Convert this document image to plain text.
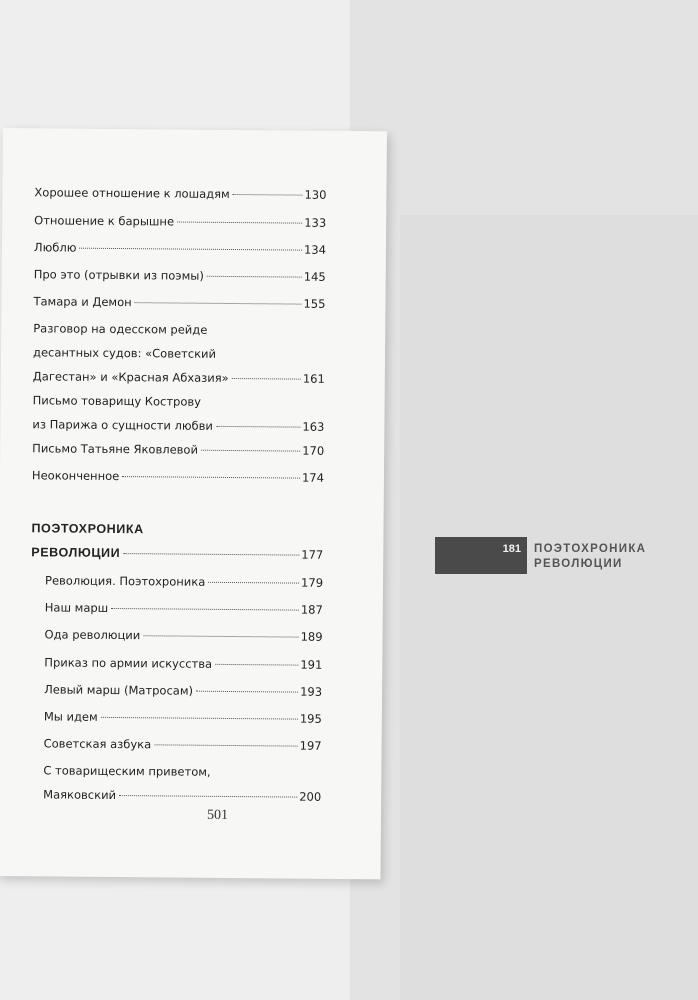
181 ПОЭТОХРОНИКА
РЕВОЛЮЦИИ
Хорошее отношение к лошадям	130
Отношение к барышне	133
Люблю	134
Про это (отрывки из поэмы)	145
Тамара и Демон	155
Разговор на одесском рейде
десантных судов: «Советский
Дагестан» и «Красная Абхазия»	161
Письмо товарищу Кострову
из Парижа о сущности любви	163
Письмо Татьяне Яковлевой	170
Неоконченное	174
ПОЭТОХРОНИКА
РЕВОЛЮЦИИ	177
Революция. Поэтохроника	179
Наш марш	187
Ода революции	189
Приказ по армии искусства	191
Левый марш (Матросам)	193
Мы идем	195
Советская азбука	197
С товарищеским приветом,
Маяковский	200
501
